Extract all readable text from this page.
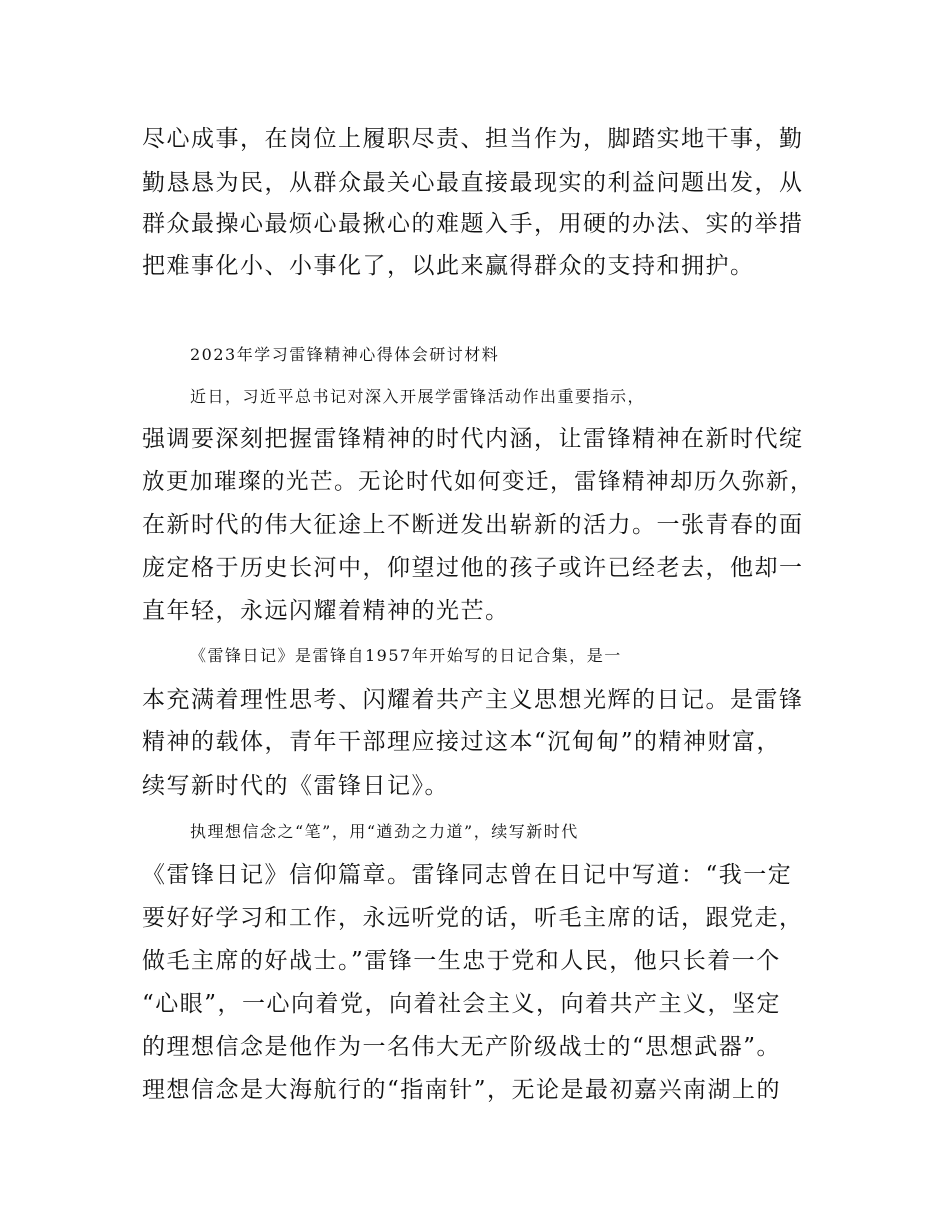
尽心成事，在岗位上履职尽责、担当作为，脚踏实地干事，勤
勤恳恳为民，从群众最关心最直接最现实的利益问题出发，从
群众最操心最烦心最揪心的难题入手，用硬的办法、实的举措
把难事化小、小事化了，以此来赢得群众的支持和拥护。
2023年学习雷锋精神心得体会研讨材料
近日，习近平总书记对深入开展学雷锋活动作出重要指示，
强调要深刻把握雷锋精神的时代内涵，让雷锋精神在新时代绽
放更加璀璨的光芒。无论时代如何变迁，雷锋精神却历久弥新，
在新时代的伟大征途上不断迸发出崭新的活力。一张青春的面
庞定格于历史长河中，仰望过他的孩子或许已经老去，他却一
直年轻，永远闪耀着精神的光芒。
《雷锋日记》是雷锋自1957年开始写的日记合集，是一
本充满着理性思考、闪耀着共产主义思想光辉的日记。是雷锋
精神的载体，青年干部理应接过这本“沉甸甸”的精神财富，
续写新时代的《雷锋日记》。
执理想信念之“笔”，用“遒劲之力道”，续写新时代
《雷锋日记》信仰篇章。雷锋同志曾在日记中写道：“我一定
要好好学习和工作，永远听党的话，听毛主席的话，跟党走，
做毛主席的好战士。”雷锋一生忠于党和人民，他只长着一个
“心眼”，一心向着党，向着社会主义，向着共产主义，坚定
的理想信念是他作为一名伟大无产阶级战士的“思想武器”。
理想信念是大海航行的“指南针”，无论是最初嘉兴南湖上的
